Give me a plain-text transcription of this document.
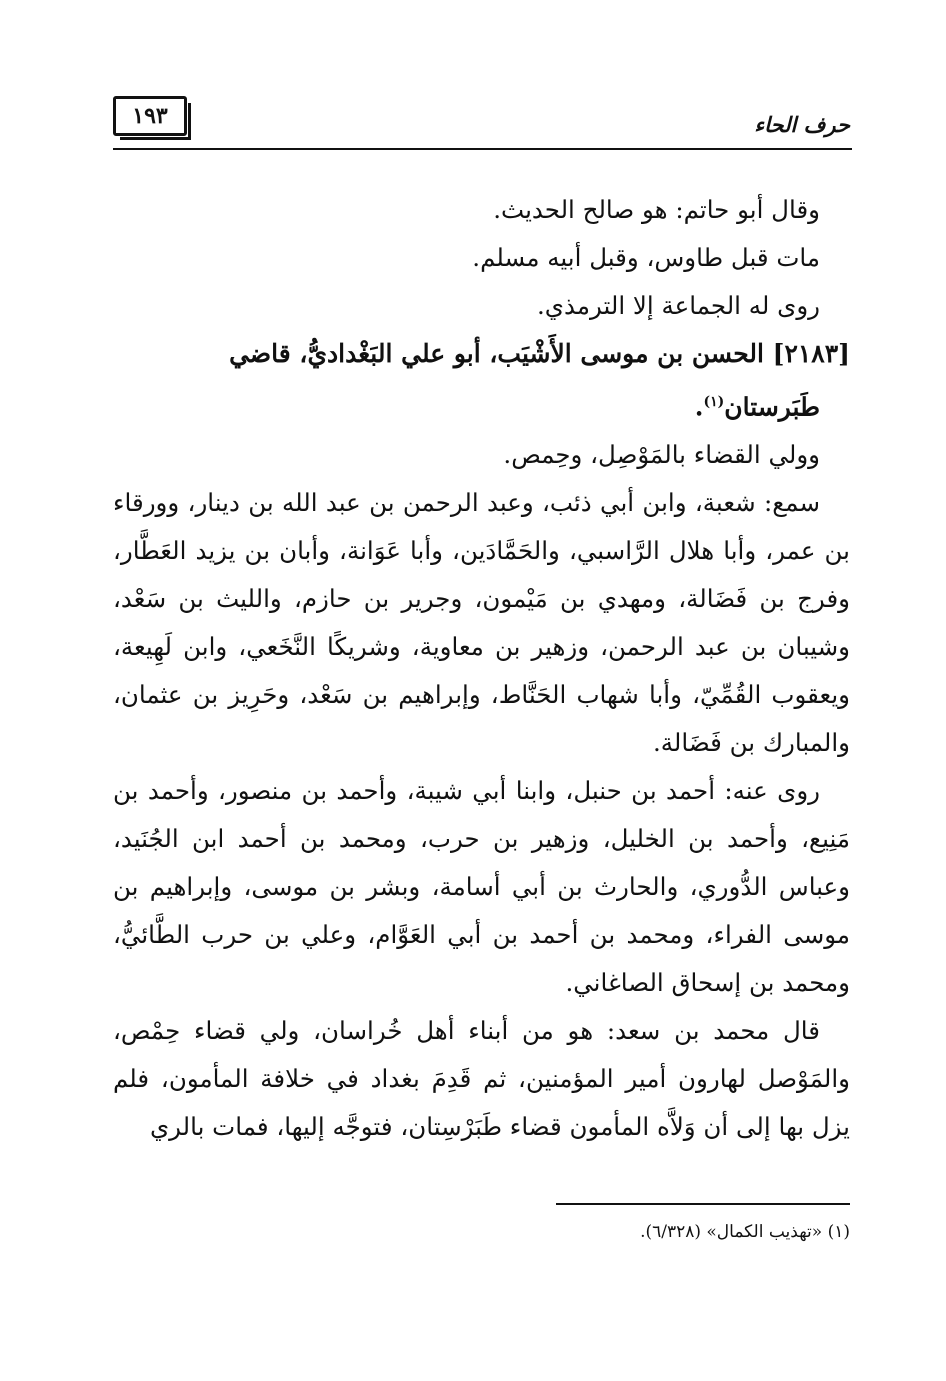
١٩٣	حرف الحاء

وقال أبو حاتم: هو صالح الحديث.

مات قبل طاوس، وقبل أبيه مسلم.

روى له الجماعة إلا الترمذي.

[٢١٨٣] الحسن بن موسى الأَشْيَب، أبو علي البَغْداديُّ، قاضي
طَبَرستان$^{(١)}$.

وولي القضاء بالمَوْصِل، وحِمص.

سمع: شعبة، وابن أبي ذئب، وعبد الرحمن بن عبد الله بن دينار، وورقاء بن عمر، وأبا هلال الرَّاسبي، والحَمَّادَين، وأبا عَوَانة، وأبان بن يزيد العَطَّار، وفرج بن فَضَالة، ومهدي بن مَيْمون، وجرير بن حازم، والليث بن سَعْد، وشيبان بن عبد الرحمن، وزهير بن معاوية، وشريكًا النَّخَعي، وابن لَهِيعة، ويعقوب القُمِّيّ، وأبا شهاب الحَنَّاط، وإبراهيم بن سَعْد، وحَرِيز بن عثمان، والمبارك بن فَضَالة.

روى عنه: أحمد بن حنبل، وابنا أبي شيبة، وأحمد بن منصور، وأحمد بن مَنِيع، وأحمد بن الخليل، وزهير بن حرب، ومحمد بن أحمد ابن الجُنَيد، وعباس الدُّوري، والحارث بن أبي أسامة، وبشر بن موسى، وإبراهيم بن موسى الفراء، ومحمد بن أحمد بن أبي العَوَّام، وعلي بن حرب الطَّائيُّ، ومحمد بن إسحاق الصاغاني.

قال محمد بن سعد: هو من أبناء أهل خُراسان، ولي قضاء حِمْص، والمَوْصل لهارون أمير المؤمنين، ثم قَدِمَ بغداد في خلافة المأمون، فلم يزل بها إلى أن وَلاَّه المأمون قضاء طَبَرْسِتان، فتوجَّه إليها، فمات بالري

(١) «تهذيب الكمال» (٦/٣٢٨).
